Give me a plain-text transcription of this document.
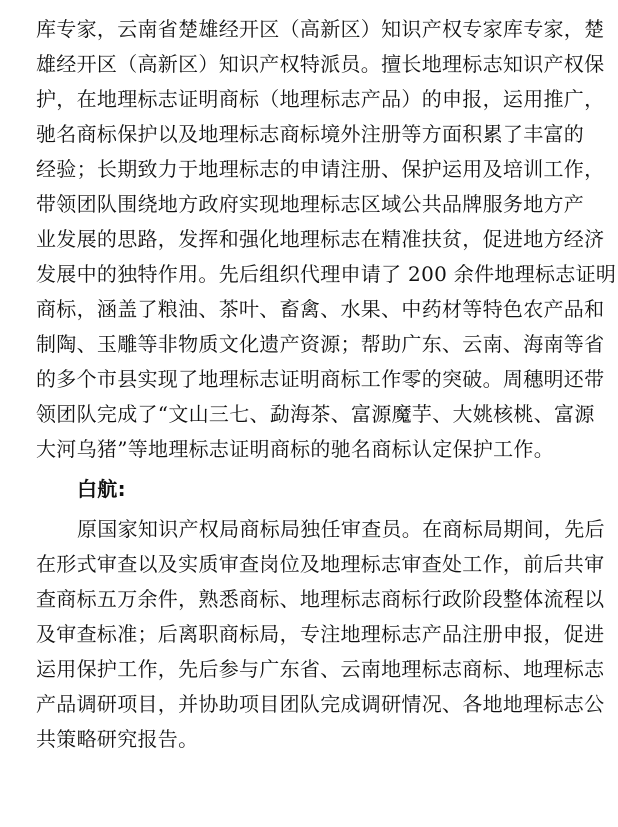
库专家，云南省楚雄经开区（高新区）知识产权专家库专家，楚
雄经开区（高新区）知识产权特派员。擅长地理标志知识产权保
护，在地理标志证明商标（地理标志产品）的申报，运用推广，
驰名商标保护以及地理标志商标境外注册等方面积累了丰富的
经验；长期致力于地理标志的申请注册、保护运用及培训工作，
带领团队围绕地方政府实现地理标志区域公共品牌服务地方产
业发展的思路，发挥和强化地理标志在精准扶贫，促进地方经济
发展中的独特作用。先后组织代理申请了 200 余件地理标志证明
商标，涵盖了粮油、茶叶、畜禽、水果、中药材等特色农产品和
制陶、玉雕等非物质文化遗产资源；帮助广东、云南、海南等省
的多个市县实现了地理标志证明商标工作零的突破。周穗明还带
领团队完成了“文山三七、勐海茶、富源魔芋、大姚核桃、富源
大河乌猪”等地理标志证明商标的驰名商标认定保护工作。
白航:
原国家知识产权局商标局独任审查员。在商标局期间，先后
在形式审查以及实质审查岗位及地理标志审查处工作，前后共审
查商标五万余件，熟悉商标、地理标志商标行政阶段整体流程以
及审查标准；后离职商标局，专注地理标志产品注册申报，促进
运用保护工作，先后参与广东省、云南地理标志商标、地理标志
产品调研项目，并协助项目团队完成调研情况、各地地理标志公
共策略研究报告。
